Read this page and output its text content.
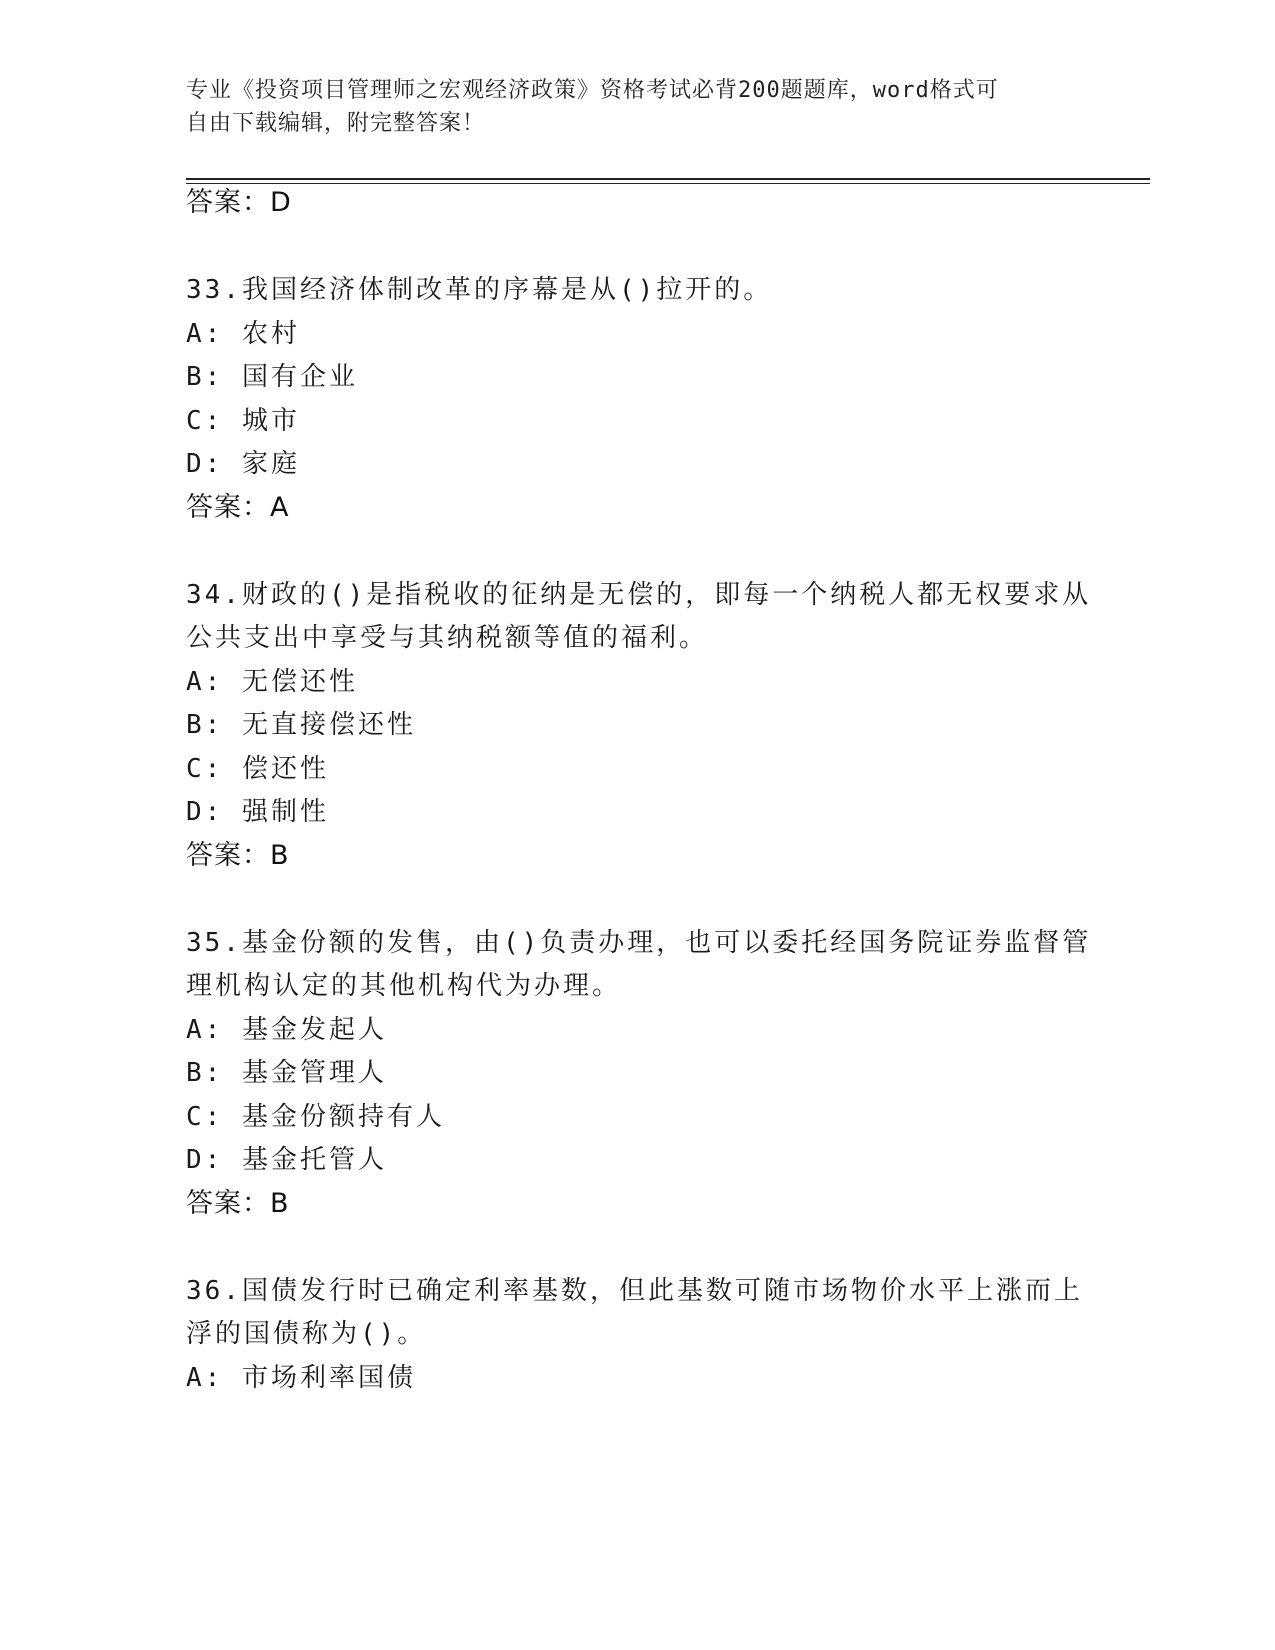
专业《投资项目管理师之宏观经济政策》资格考试必背200题题库，word格式可
自由下载编辑，附完整答案！
答案：D
33.我国经济体制改革的序幕是从()拉开的。
A: 农村
B: 国有企业
C: 城市
D: 家庭
答案：A
34.财政的()是指税收的征纳是无偿的，即每一个纳税人都无权要求从
公共支出中享受与其纳税额等值的福利。
A: 无偿还性
B: 无直接偿还性
C: 偿还性
D: 强制性
答案：B
35.基金份额的发售，由()负责办理，也可以委托经国务院证券监督管
理机构认定的其他机构代为办理。
A: 基金发起人
B: 基金管理人
C: 基金份额持有人
D: 基金托管人
答案：B
36.国债发行时已确定利率基数，但此基数可随市场物价水平上涨而上
浮的国债称为()。
A: 市场利率国债
